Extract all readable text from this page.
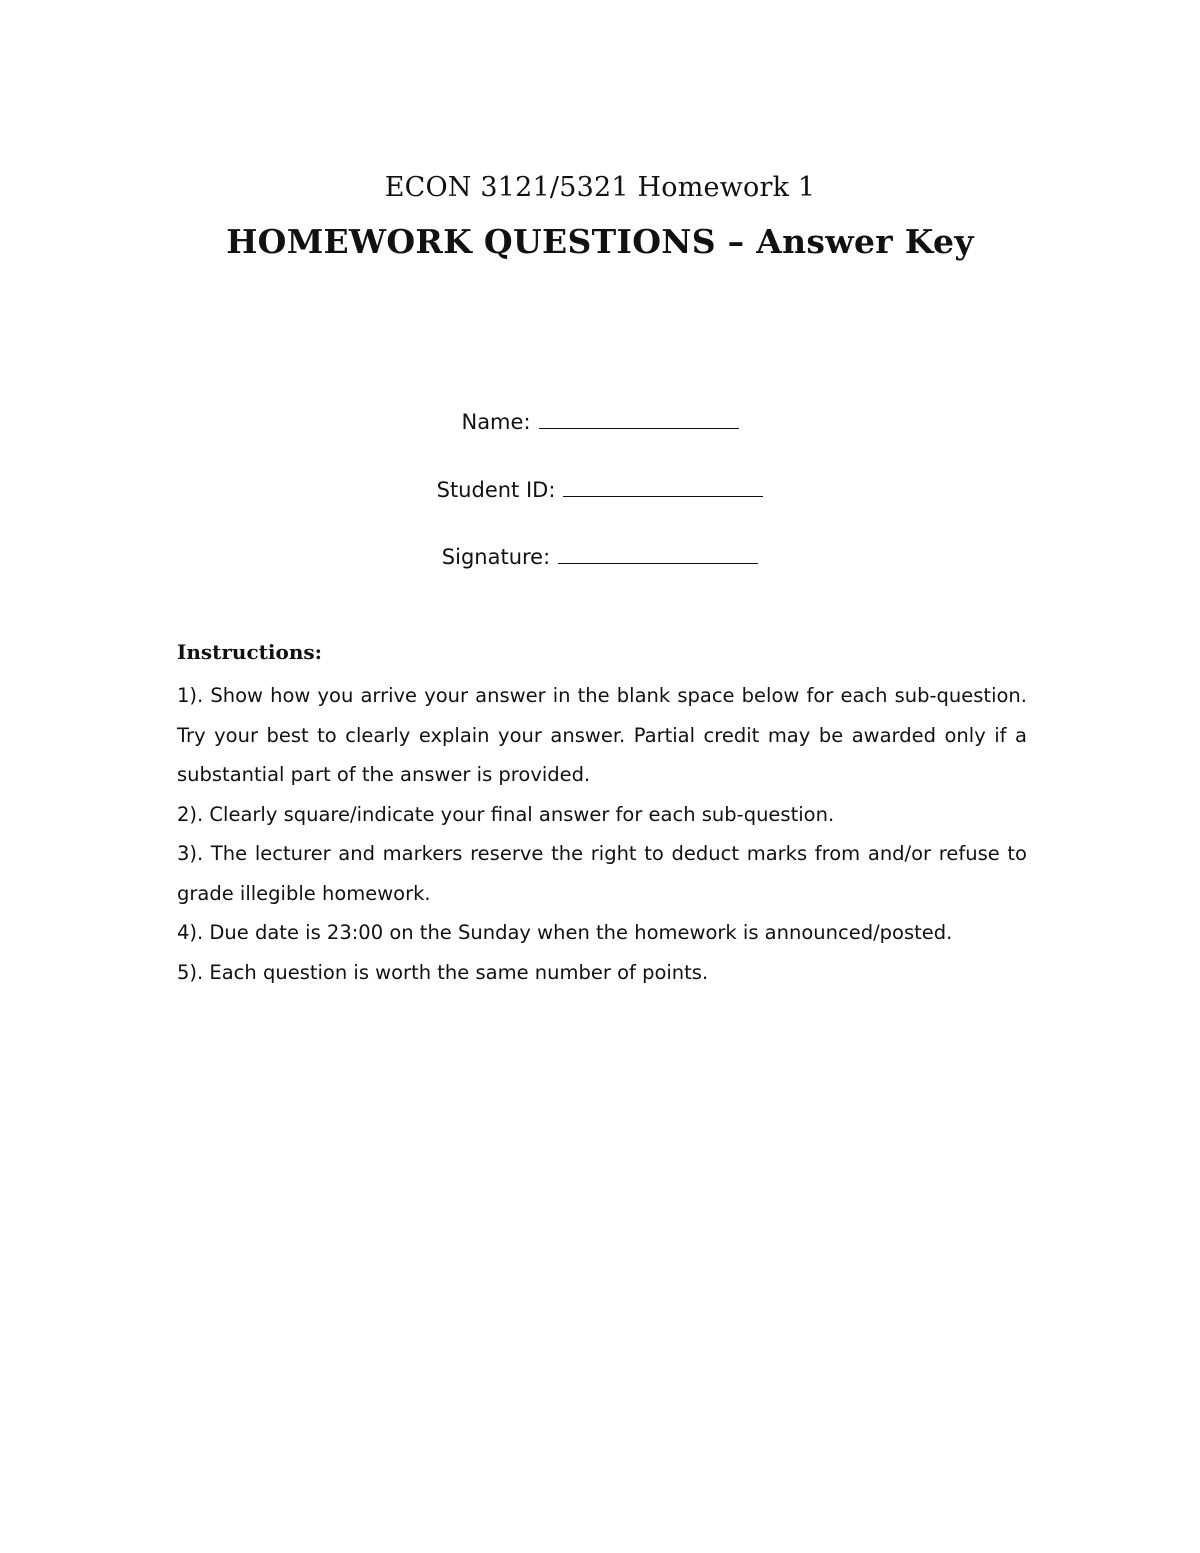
ECON 3121/5321 Homework 1
HOMEWORK QUESTIONS – Answer Key
Name:
Student ID:
Signature:

Instructions:

1). Show how you arrive your answer in the blank space below for each sub-question. Try your best to clearly explain your answer. Partial credit may be awarded only if a substantial part of the answer is provided.

2). Clearly square/indicate your final answer for each sub-question.

3). The lecturer and markers reserve the right to deduct marks from and/or refuse to grade illegible homework.

4). Due date is 23:00 on the Sunday when the homework is announced/posted.

5). Each question is worth the same number of points.
